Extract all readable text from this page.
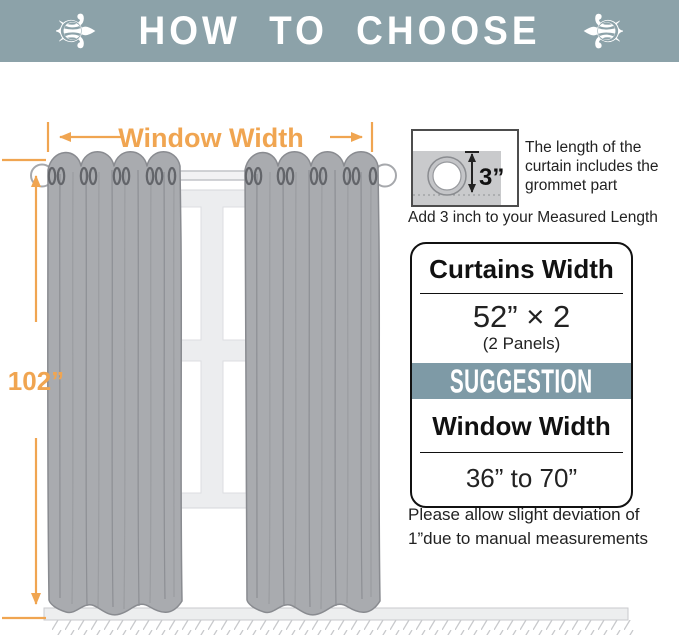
⚜ HOW TO CHOOSE ⚜
Window Width
102”
3”
The length of the curtain includes the grommet part
Add 3 inch to your Measured Length
Curtains Width
52” × 2
(2 Panels)
SUGGESTION
Window Width
36” to 70”
Please allow slight deviation of
1”due to manual measurements
